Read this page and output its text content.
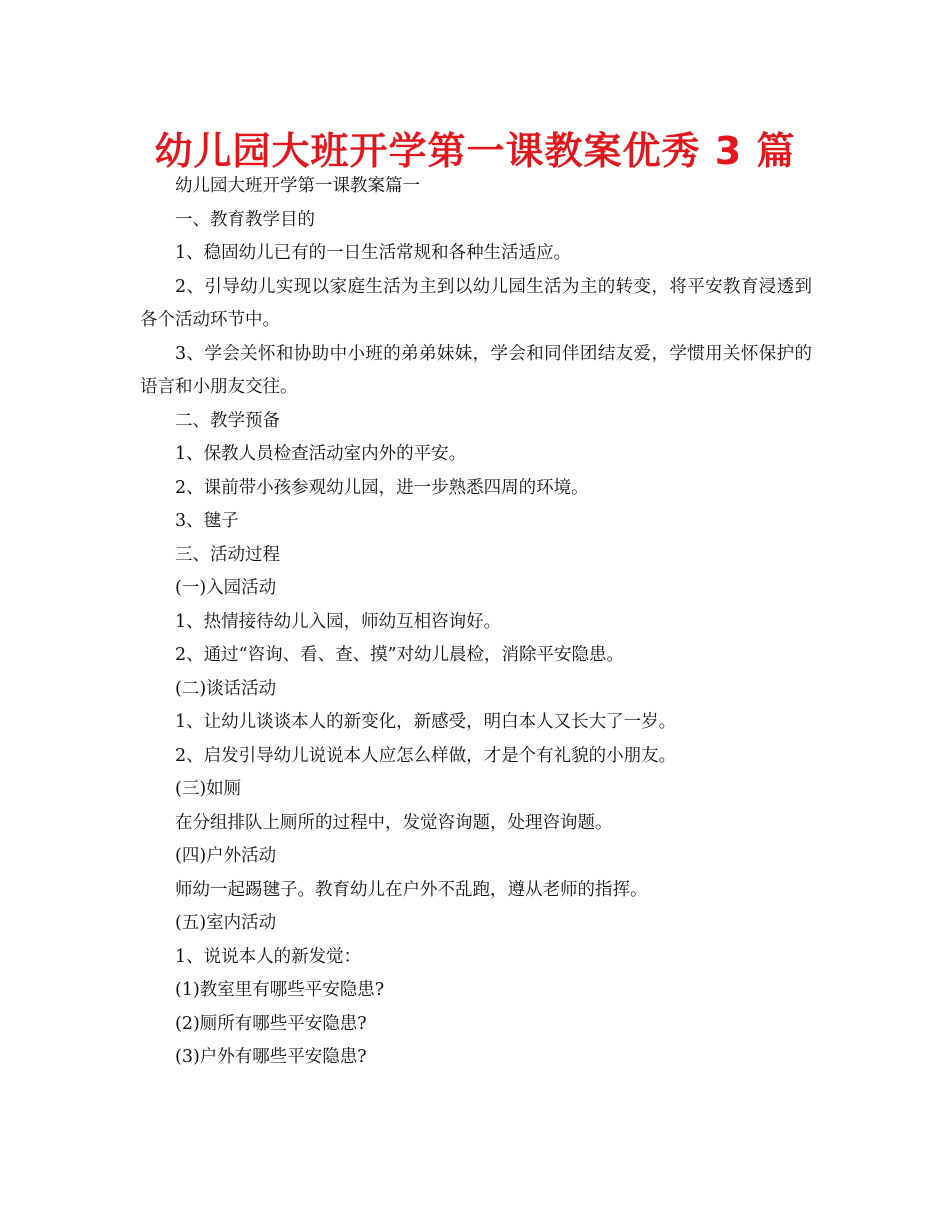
幼儿园大班开学第一课教案优秀 3 篇

幼儿园大班开学第一课教案篇一

一、教育教学目的

1、稳固幼儿已有的一日生活常规和各种生活适应。

2、引导幼儿实现以家庭生活为主到以幼儿园生活为主的转变，将平安教育浸透到各个活动环节中。

3、学会关怀和协助中小班的弟弟妹妹，学会和同伴团结友爱，学惯用关怀保护的语言和小朋友交往。

二、教学预备

1、保教人员检查活动室内外的平安。

2、课前带小孩参观幼儿园，进一步熟悉四周的环境。

3、毽子

三、活动过程

(一)入园活动

1、热情接待幼儿入园，师幼互相咨询好。

2、通过“咨询、看、查、摸”对幼儿晨检，消除平安隐患。

(二)谈话活动

1、让幼儿谈谈本人的新变化，新感受，明白本人又长大了一岁。

2、启发引导幼儿说说本人应怎么样做，才是个有礼貌的小朋友。

(三)如厕

在分组排队上厕所的过程中，发觉咨询题，处理咨询题。

(四)户外活动

师幼一起踢毽子。教育幼儿在户外不乱跑，遵从老师的指挥。

(五)室内活动

1、说说本人的新发觉：

(1)教室里有哪些平安隐患?

(2)厕所有哪些平安隐患?

(3)户外有哪些平安隐患?
